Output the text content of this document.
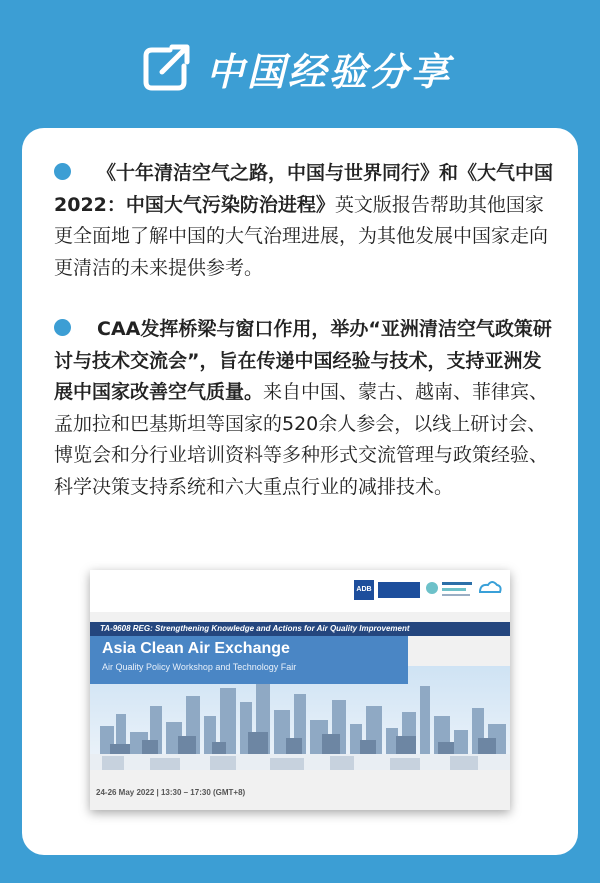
中国经验分享
《十年清洁空气之路，中国与世界同行》和《大气中国2022：中国大气污染防治进程》英文版报告帮助其他国家更全面地了解中国的大气治理进展，为其他发展中国家走向更清洁的未来提供参考。
CAA发挥桥梁与窗口作用，举办“亚洲清洁空气政策研讨与技术交流会”，旨在传递中国经验与技术，支持亚洲发展中国家改善空气质量。来自中国、蒙古、越南、菲律宾、孟加拉和巴基斯坦等国家的520余人参会，以线上研讨会、博览会和分行业培训资料等多种形式交流管理与政策经验、科学决策支持系统和六大重点行业的减排技术。
ADB
TA-9608 REG: Strengthening Knowledge and Actions for Air Quality Improvement
Asia Clean Air Exchange
Air Quality Policy Workshop and Technology Fair
24-26 May 2022 | 13:30 – 17:30 (GMT+8)
